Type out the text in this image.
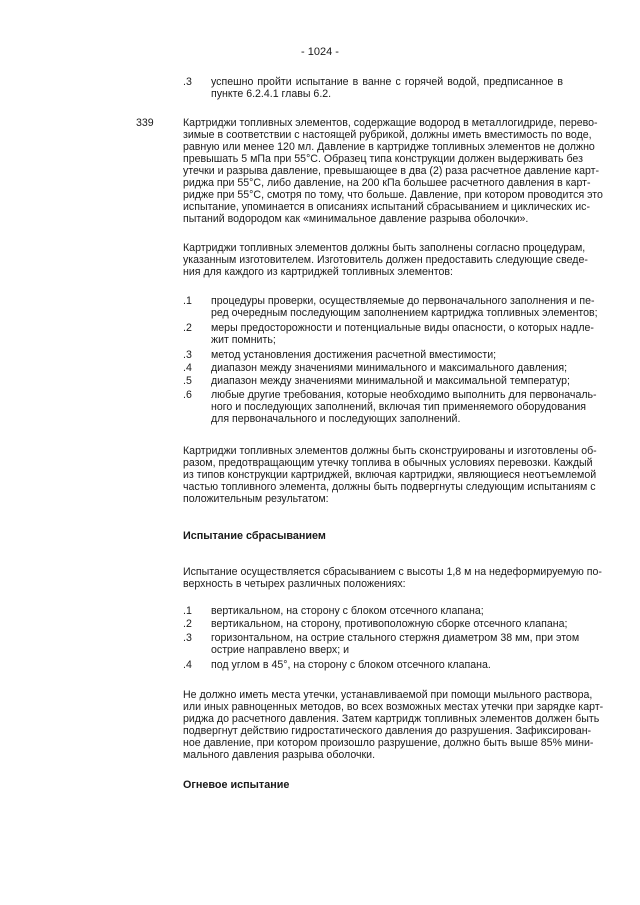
- 1024 -
.3 успешно пройти испытание в ванне с горячей водой, предписанное в
пункте 6.2.4.1 главы 6.2.
339	Картриджи топливных элементов, содержащие водород в металлогидриде, перево-
зимые в соответствии с настоящей рубрикой, должны иметь вместимость по воде,
равную или менее 120 мл. Давление в картридже топливных элементов не должно
превышать 5 мПа при 55°C. Образец типа конструкции должен выдерживать без
утечки и разрыва давление, превышающее в два (2) раза расчетное давление карт-
риджа при 55°C, либо давление, на 200 кПа большее расчетного давления в карт-
ридже при 55°C, смотря по тому, что больше. Давление, при котором проводится это
испытание, упоминается в описаниях испытаний сбрасыванием и циклических ис-
пытаний водородом как «минимальное давление разрыва оболочки».
Картриджи топливных элементов должны быть заполнены согласно процедурам,
указанным изготовителем. Изготовитель должен предоставить следующие сведе-
ния для каждого из картриджей топливных элементов:
.1 процедуры проверки, осуществляемые до первоначального заполнения и пе-
ред очередным последующим заполнением картриджа топливных элементов;
.2 меры предосторожности и потенциальные виды опасности, о которых надле-
жит помнить;
.3 метод установления достижения расчетной вместимости;
.4 диапазон между значениями минимального и максимального давления;
.5 диапазон между значениями минимальной и максимальной температур;
.6 любые другие требования, которые необходимо выполнить для первоначаль-
ного и последующих заполнений, включая тип применяемого оборудования
для первоначального и последующих заполнений.
Картриджи топливных элементов должны быть сконструированы и изготовлены об-
разом, предотвращающим утечку топлива в обычных условиях перевозки. Каждый
из типов конструкции картриджей, включая картриджи, являющиеся неотъемлемой
частью топливного элемента, должны быть подвергнуты следующим испытаниям с
положительным результатом:
Испытание сбрасыванием
Испытание осуществляется сбрасыванием с высоты 1,8 м на недеформируемую по-
верхность в четырех различных положениях:
.1 вертикальном, на сторону с блоком отсечного клапана;
.2 вертикальном, на сторону, противоположную сборке отсечного клапана;
.3 горизонтальном, на острие стального стержня диаметром 38 мм, при этом
острие направлено вверх; и
.4 под углом в 45°, на сторону с блоком отсечного клапана.
Не должно иметь места утечки, устанавливаемой при помощи мыльного раствора,
или иных равноценных методов, во всех возможных местах утечки при зарядке карт-
риджа до расчетного давления. Затем картридж топливных элементов должен быть
подвергнут действию гидростатического давления до разрушения. Зафиксирован-
ное давление, при котором произошло разрушение, должно быть выше 85% мини-
мального давления разрыва оболочки.
Огневое испытание
